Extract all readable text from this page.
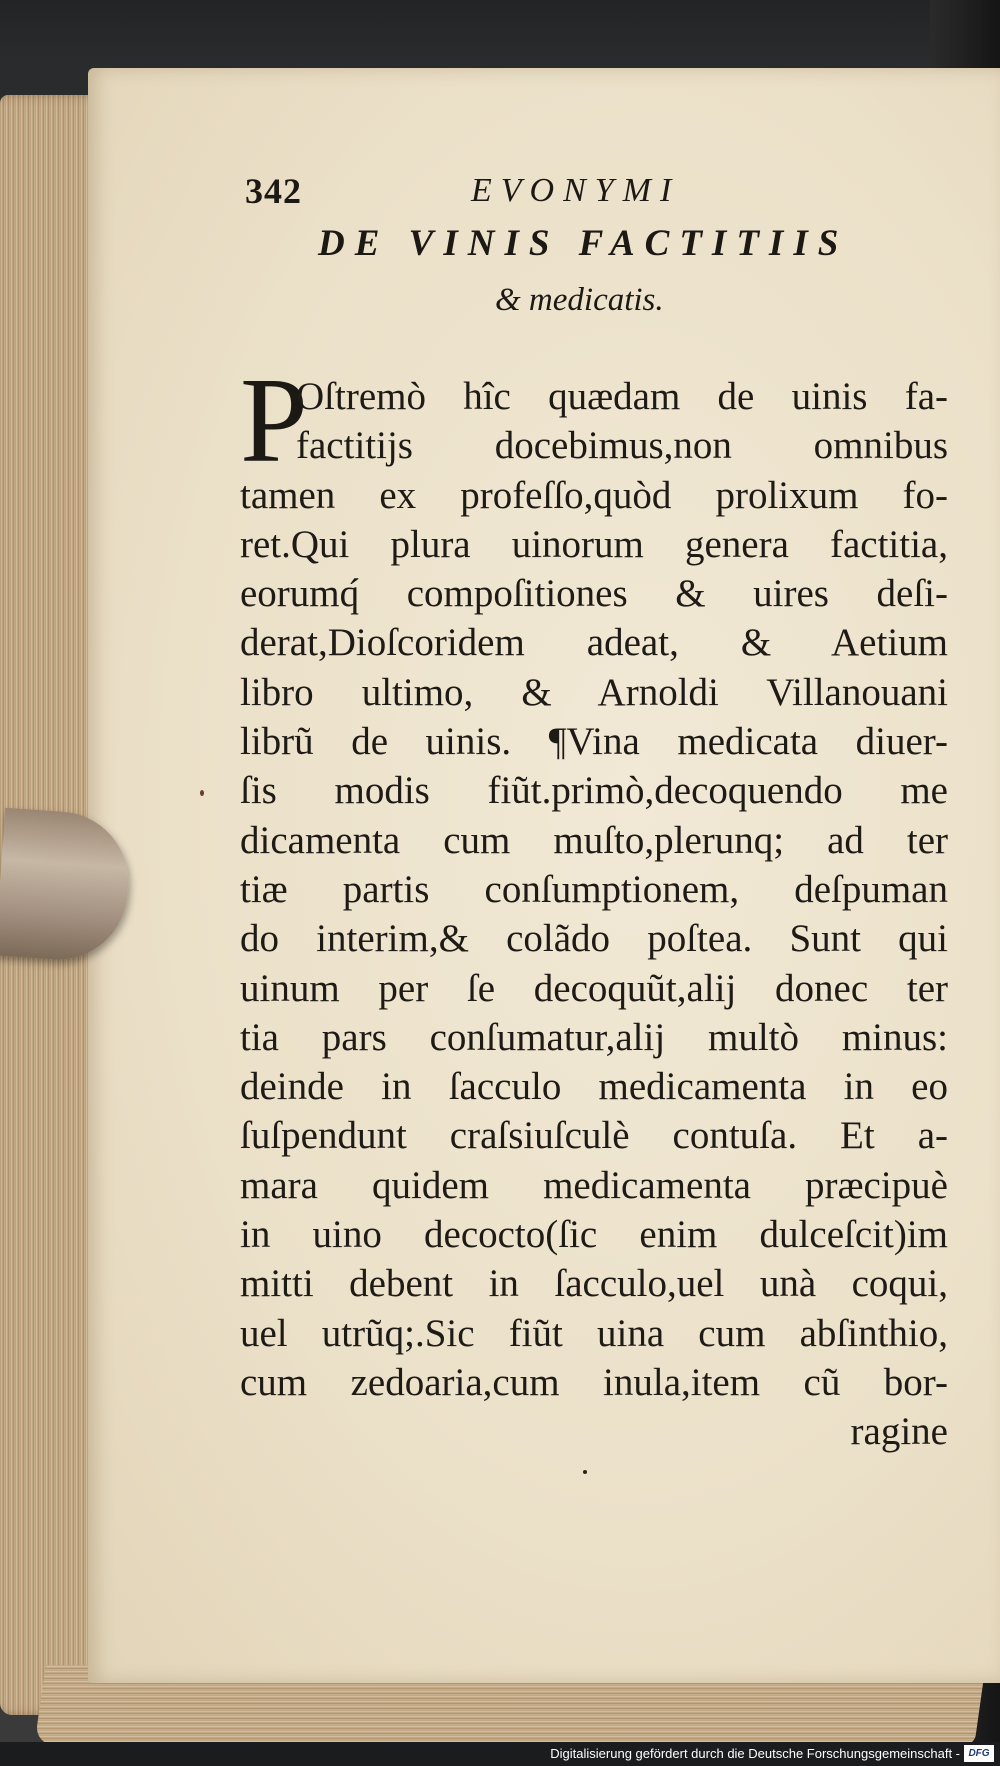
342	EVONYMI
DE VINIS FACTITIIS
& medicatis.
P
Oſtremò hîc quædam de uinis fa-
factitijs docebimus,non omnibus
tamen ex profeſſo,quòd prolixum fo-
ret.Qui plura uinorum genera factitia,
eorumq́ compoſitiones & uires deſi-
derat,Dioſcoridem adeat, & Aetium
libro ultimo, & Arnoldi Villanouani
librũ de uinis. ¶Vina medicata diuer-
ſis modis fiũt.primò,decoquendo me
dicamenta cum muſto,plerunq; ad ter
tiæ partis conſumptionem, deſpuman
do interim,& colãdo poſtea. Sunt qui
uinum per ſe decoquũt,alij donec ter
tia pars conſumatur,alij multò minus:
deinde in ſacculo medicamenta in eo
ſuſpendunt craſsiuſculè contuſa. Et a-
mara quidem medicamenta præcipuè
in uino decocto(ſic enim dulceſcit)im
mitti debent in ſacculo,uel unà coqui,
uel utrũq;.Sic fiũt uina cum abſinthio,
cum zedoaria,cum inula,item cũ bor-
ragine
Digitalisierung gefördert durch die Deutsche Forschungsgemeinschaft - DFG
